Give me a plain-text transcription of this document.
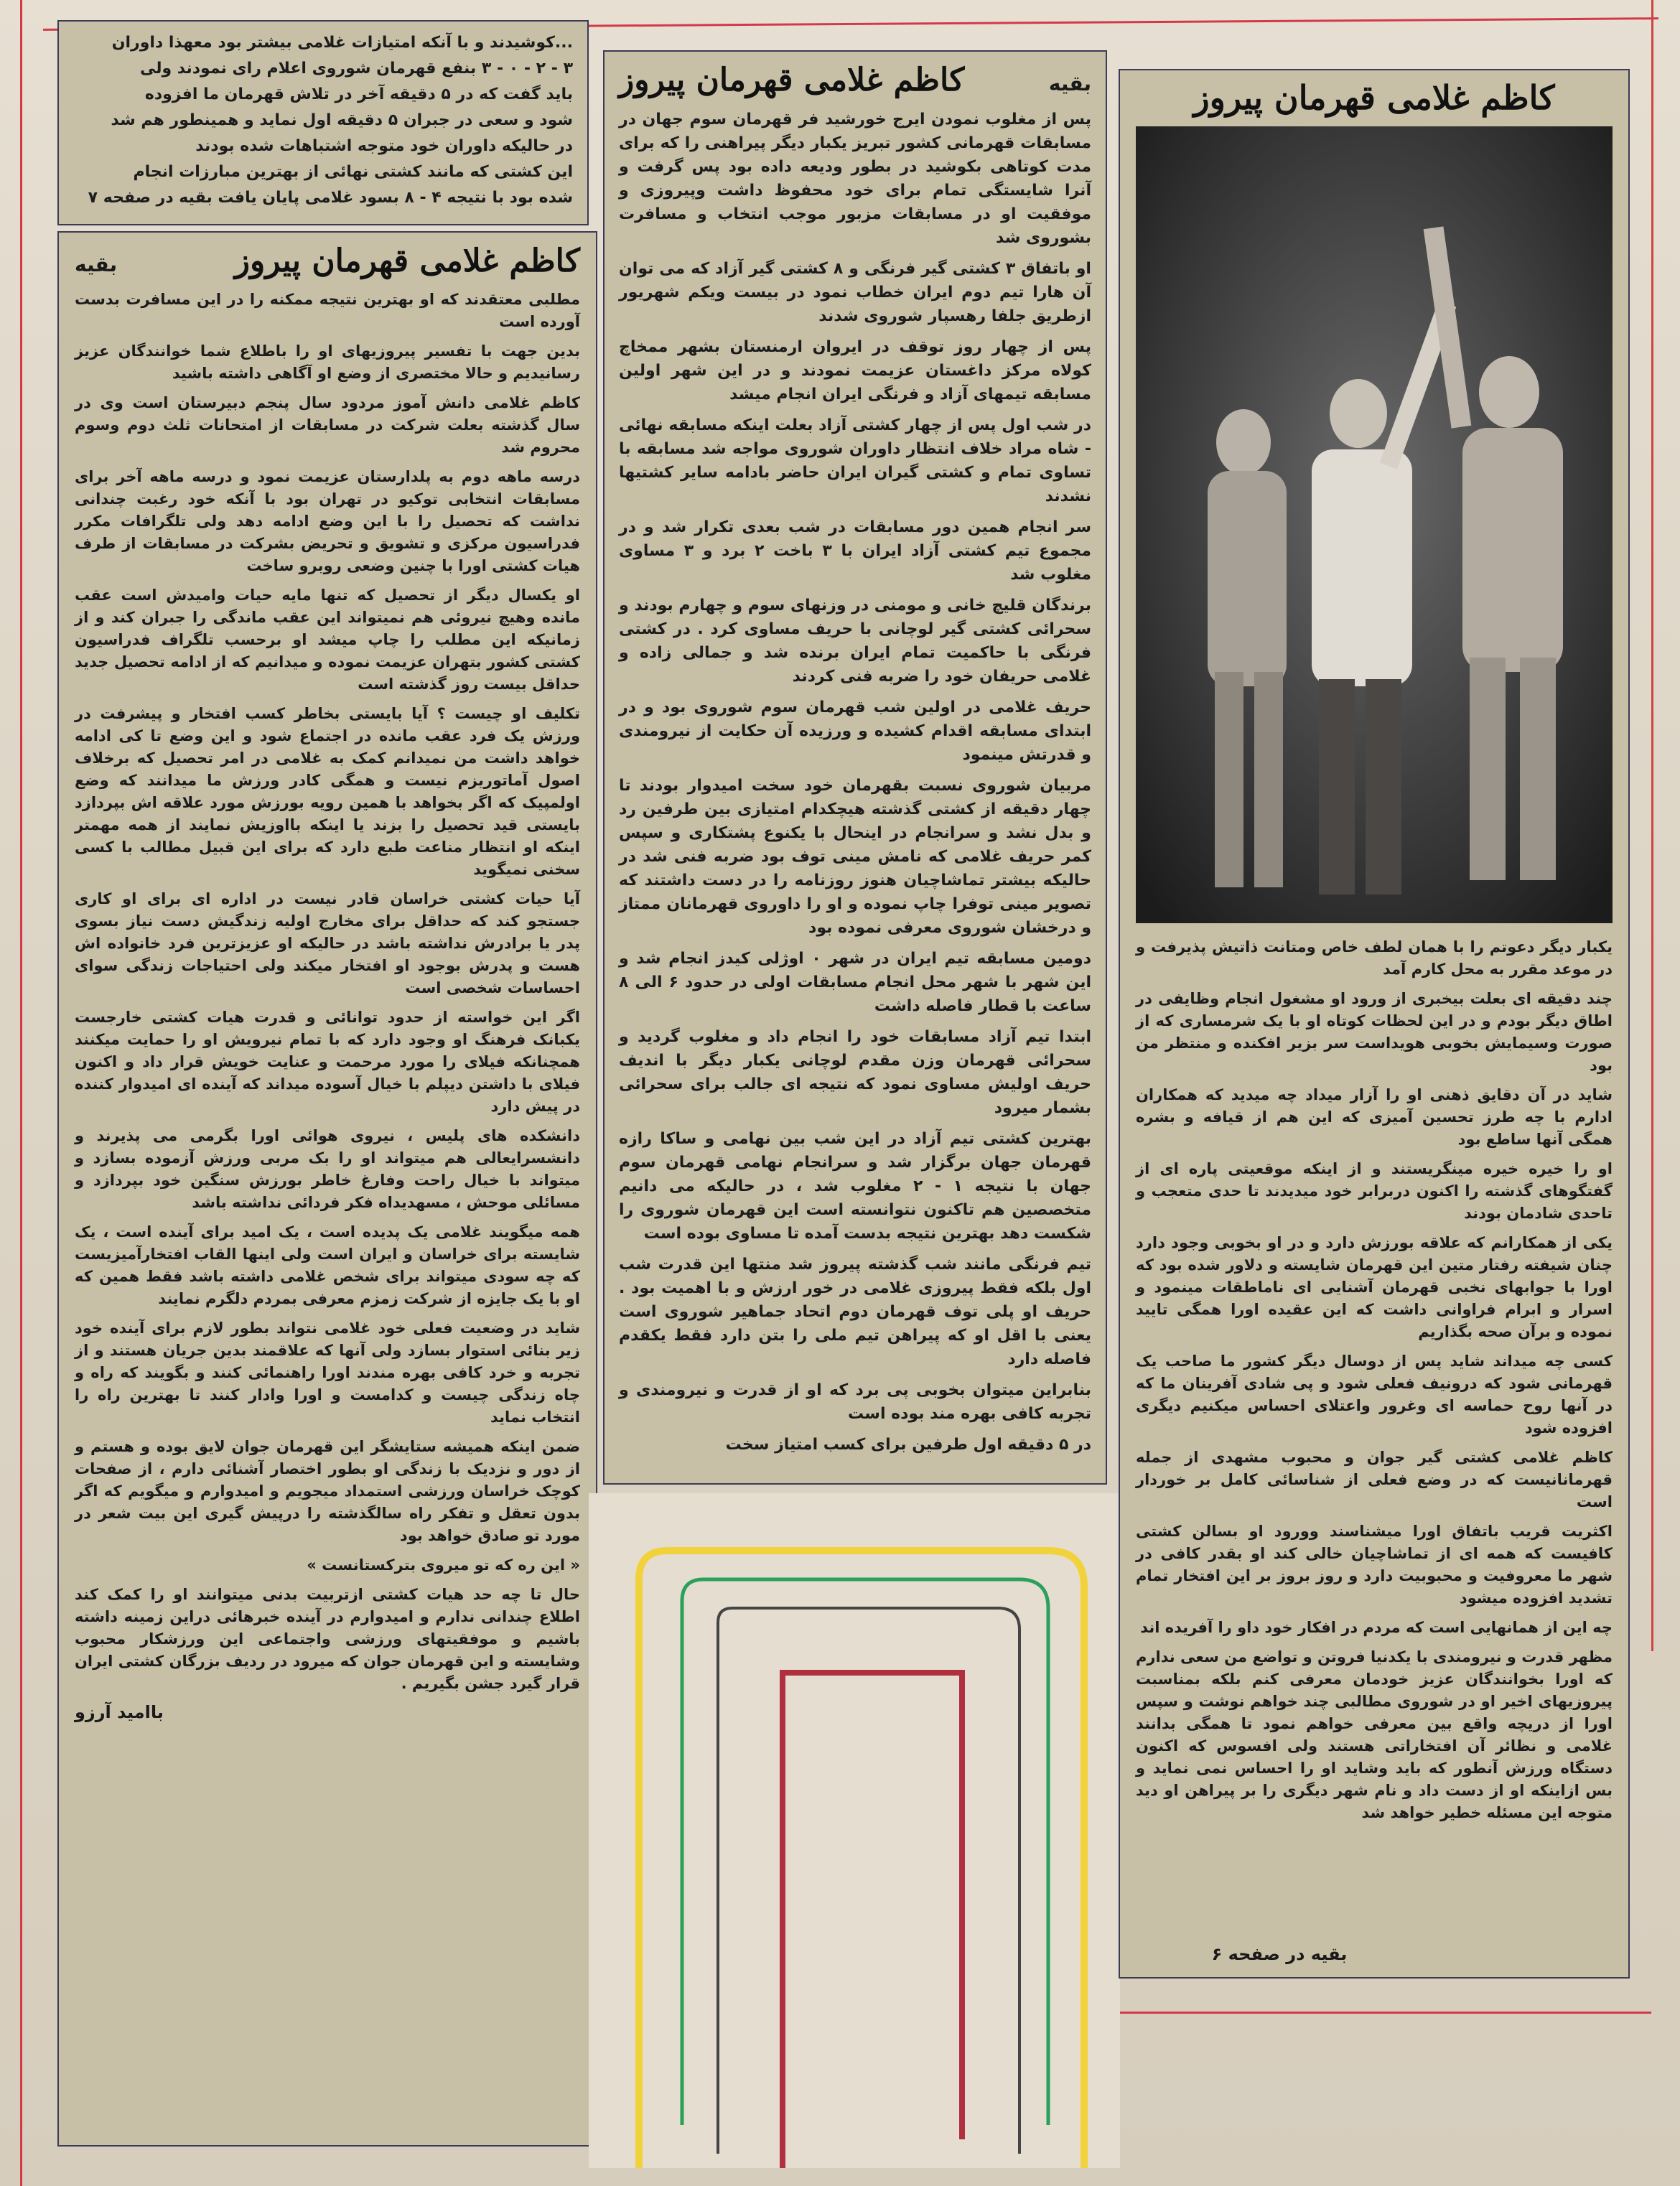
...کوشیدند و با آنکه امتیازات غلامی بیشتر بود معهذا داوران

۳ - ۲ - ۰ - ۳ بنفع قهرمان شوروی اعلام رای نمودند ولی

باید گفت که در ۵ دقیقه آخر در تلاش قهرمان ما افزوده

شود و سعی در جبران ۵ دقیقه اول نماید و همینطور هم شد

در حالیکه داوران خود متوجه اشتباهات شده بودند

این کشتی که مانند کشتی نهائی از بهترین مبارزات انجام

شده بود با نتیجه ۴ - ۸ بسود غلامی پایان یافت بقیه در صفحه ۷

کاظم غلامی قهرمان پیروز
بقیه

مطلبی معتقدند که او بهترین نتیجه ممکنه را در این مسافرت بدست آورده است

بدین جهت با تفسیر پیروزیهای او را باطلاع شما خوانندگان عزیز رسانیدیم و حالا مختصری از وضع او آگاهی داشته باشید

کاظم غلامی دانش آموز مردود سال پنجم دبیرستان است وی در سال گذشته بعلت شرکت در مسابقات از امتحانات ثلث دوم وسوم محروم شد

درسه ماهه دوم به پلدارستان عزیمت نمود و درسه ماهه آخر برای مسابقات انتخابی توکیو در تهران بود با آنکه خود رغبت چندانی نداشت که تحصیل را با این وضع ادامه دهد ولی تلگرافات مکرر فدراسیون مرکزی و تشویق و تحریض بشرکت در مسابقات از طرف هیات کشتی اورا با چنین وضعی روبرو ساخت

او یکسال دیگر از تحصیل که تنها مایه حیات وامیدش است عقب مانده وهیچ نیروئی هم نمیتواند این عقب ماندگی را جبران کند و از زمانیکه این مطلب را چاپ میشد او برحسب تلگراف فدراسیون کشتی کشور بتهران عزیمت نموده و میدانیم که از ادامه تحصیل جدید حداقل بیست روز گذشته است

تکلیف او چیست ؟ آیا بایستی بخاطر کسب افتخار و پیشرفت در ورزش یک فرد عقب مانده در اجتماع شود و این وضع تا کی ادامه خواهد داشت من نمیدانم کمک به غلامی در امر تحصیل که برخلاف اصول آماتوریزم نیست و همگی کادر ورزش ما میدانند که وضع اولمپیک که اگر بخواهد با همین رویه بورزش مورد علاقه اش بپردازد بایستی قید تحصیل را بزند یا اینکه بااوزیش نمایند از همه مهمتر اینکه او انتظار مناعت طبع دارد که برای این قبیل مطالب با کسی سخنی نمیگوید

آیا حیات کشتی خراسان قادر نیست در اداره ای برای او کاری جستجو کند که حداقل برای مخارج اولیه زندگیش دست نیاز بسوی پدر یا برادرش نداشته باشد در حالیکه او عزیزترین فرد خانواده اش هست و پدرش بوجود او افتخار میکند ولی احتیاجات زندگی سوای احساسات شخصی است

اگر این خواسته از حدود توانائی و قدرت هیات کشتی خارجست یکبانک فرهنگ او وجود دارد که با تمام نیرویش او را حمایت میکنند همچنانکه فیلای را مورد مرحمت و عنایت خویش قرار داد و اکنون فیلای با داشتن دیپلم با خیال آسوده میداند که آینده ای امیدوار کننده در پیش دارد

دانشکده های پلیس ، نیروی هوائی اورا بگرمی می پذیرند و دانشسرایعالی هم میتواند او را بک مربی ورزش آزموده بسازد و میتواند با خیال راحت وفارغ خاطر بورزش سنگین خود بپردازد و مسائلی موحش ، مسهدیداه فکر فردائی نداشته باشد

همه میگویند غلامی یک پدیده است ، یک امید برای آینده است ، یک شایسته برای خراسان و ایران است ولی اینها القاب افتخارآمیزیست که چه سودی میتواند برای شخص غلامی داشته باشد فقط همین که او با یک جایزه از شرکت زمزم معرفی بمردم دلگرم نمایند

شاید در وضعیت فعلی خود غلامی نتواند بطور لازم برای آینده خود زیر بنائی استوار بسازد ولی آنها که علاقمند بدین جریان هستند و از تجربه و خرد کافی بهره مندند اورا راهنمائی کنند و بگویند که راه و چاه زندگی چیست و کدامست و اورا وادار کنند تا بهترین راه را انتخاب نماید

ضمن اینکه همیشه ستایشگر این قهرمان جوان لایق بوده و هستم و از دور و نزدیک با زندگی او بطور اختصار آشنائی دارم ، از صفحات کوچک خراسان ورزشی استمداد میجویم و امیدوارم و میگویم که اگر بدون تعقل و تفکر راه سالگذشته را درپیش گیری این بیت شعر در مورد تو صادق خواهد بود

« این ره که تو میروی بترکستانست »

حال تا چه حد هیات کشتی ازتربیت بدنی میتوانند او را کمک کند اطلاع چندانی ندارم و امیدوارم در آینده خبرهائی دراین زمینه داشته باشیم و موفقیتهای ورزشی واجتماعی این ورزشکار محبوب وشایسته و این قهرمان جوان که میرود در ردیف بزرگان کشتی ایران قرار گیرد جشن بگیریم .

باامید آرزو
بقیه
کاظم غلامی قهرمان پیروز

پس از مغلوب نمودن ایرج خورشید فر قهرمان سوم جهان در مسابقات قهرمانی کشور تبریز یکبار دیگر پیراهنی را که برای مدت کوتاهی بکوشید در بطور ودیعه داده بود پس گرفت و آنرا شایستگی تمام برای خود محفوظ داشت وپیروزی و موفقیت او در مسابقات مزبور موجب انتخاب و مسافرت بشوروی شد

او باتفاق ۳ کشتی گیر فرنگی و ۸ کشتی گیر آزاد که می توان آن هارا تیم دوم ایران خطاب نمود در بیست ویکم شهریور ازطریق جلفا رهسپار شوروی شدند

پس از چهار روز توقف در ایروان ارمنستان بشهر ممخاچ کولاه مرکز داغستان عزیمت نمودند و در این شهر اولین مسابقه تیمهای آزاد و فرنگی ایران انجام میشد

در شب اول پس از چهار کشتی آزاد بعلت اینکه مسابقه نهائی - شاه مراد خلاف انتظار داوران شوروی مواجه شد مسابقه با تساوی تمام و کشتی گیران ایران حاضر بادامه سایر کشتیها نشدند

سر انجام همین دور مسابقات در شب بعدی تکرار شد و در مجموع تیم کشتی آزاد ایران با ۳ باخت ۲ برد و ۳ مساوی مغلوب شد

برندگان قلیچ خانی و مومنی در وزنهای سوم و چهارم بودند و سحرائی کشتی گیر لوچانی با حریف مساوی کرد . در کشتی فرنگی با حاکمیت تمام ایران برنده شد و جمالی زاده و غلامی حریفان خود را ضربه فنی کردند

حریف غلامی در اولین شب قهرمان سوم شوروی بود و در ابتدای مسابقه اقدام کشیده و ورزیده آن حکایت از نیرومندی و قدرتش مینمود

مربیان شوروی نسبت بقهرمان خود سخت امیدوار بودند تا چهار دقیقه از کشتی گذشته هیچکدام امتیازی بین طرفین رد و بدل نشد و سرانجام در اینحال با یکنوع پشتکاری و سپس کمر حریف غلامی که نامش مینی توف بود ضربه فنی شد در حالیکه بیشتر تماشاچیان هنوز روزنامه را در دست داشتند که تصویر مینی توفرا چاپ نموده و او را داوروی قهرمانان ممتاز و درخشان شوروی معرفی نموده بود

دومین مسابقه تیم ایران در شهر ۰ اوژلی کیدز انجام شد و این شهر با شهر محل انجام مسابقات اولی در حدود ۶ الی ۸ ساعت با قطار فاصله داشت

ابتدا تیم آزاد مسابقات خود را انجام داد و مغلوب گردید و سحرائی قهرمان وزن مقدم لوچانی یکبار دیگر با اندیف حریف اولیش مساوی نمود که نتیجه ای جالب برای سحرائی بشمار میرود

بهترین کشتی تیم آزاد در این شب بین نهامی و ساکا رازه قهرمان جهان برگزار شد و سرانجام نهامی قهرمان سوم جهان با نتیجه ۱ - ۲ مغلوب شد ، در حالیکه می دانیم متخصصین هم تاکنون نتوانسته است این قهرمان شوروی را شکست دهد بهترین نتیجه بدست آمده تا مساوی بوده است

تیم فرنگی مانند شب گذشته پیروز شد منتها این قدرت شب اول بلکه فقط پیروزی غلامی در خور ارزش و با اهمیت بود . حریف او پلی توف قهرمان دوم اتحاد جماهیر شوروی است یعنی با اقل او که پیراهن تیم ملی را بتن دارد فقط یکقدم فاصله دارد

بنابراین میتوان بخوبی پی برد که او از قدرت و نیرومندی و تجربه کافی بهره مند بوده است

در ۵ دقیقه اول طرفین برای کسب امتیاز سخت

کاظم غلامی قهرمان پیروز

یکبار دیگر دعوتم را با همان لطف خاص ومتانت ذاتیش پذیرفت و در موعد مقرر به محل کارم آمد

چند دقیقه ای بعلت بیخبری از ورود او مشغول انجام وظایفی در اطاق دیگر بودم و در این لحظات کوتاه او با یک شرمساری که از صورت وسیمایش بخوبی هویداست سر بزیر افکنده و منتظر من بود

شاید در آن دقایق ذهنی او را آزار میداد چه میدید که همکاران ادارم با چه طرز تحسین آمیزی که این هم از قیافه و بشره همگی آنها ساطع بود

او را خیره خیره مینگریستند و از اینکه موقعیتی پاره ای از گفتگوهای گذشته را اکنون دربرابر خود میدیدند تا حدی متعجب و تاحدی شادمان بودند

یکی از همکارانم که علاقه بورزش دارد و در او بخوبی وجود دارد چنان شیفته رفتار متین این قهرمان شایسته و دلاور شده بود که اورا با جوابهای نخبی قهرمان آشنایی ای ناماطقات مینمود و اسرار و ابرام فراوانی داشت که این عقیده اورا همگی تایید نموده و برآن صحه بگذاریم

کسی چه میداند شاید پس از دوسال دیگر کشور ما صاحب یک قهرمانی شود که درونیف فعلی شود و پی شادی آفرینان ما که در آنها روح حماسه ای وغرور واعتلای احساس میکنیم دیگری افزوده شود

کاظم غلامی کشتی گیر جوان و محبوب مشهدی از جمله قهرمانانیست که در وضع فعلی از شناسائی کامل بر خوردار است

اکثریت قریب باتفاق اورا میشناسند وورود او بسالن کشتی کافیست که همه ای از تماشاچیان خالی کند او بقدر کافی در شهر ما معروفیت و محبوبیت دارد و روز بروز بر این افتخار تمام تشدید افزوده میشود

چه این از همانهایی است که مردم در افکار خود داو را آفریده اند

مظهر قدرت و نیرومندی با یکدنیا فروتن و تواضع من سعی ندارم که اورا بخوانندگان عزیز خودمان معرفی کنم بلکه بمناسبت پیروزیهای اخیر او در شوروی مطالبی چند خواهم نوشت و سپس اورا از دریچه واقع بین معرفی خواهم نمود تا همگی بدانند غلامی و نظائر آن افتخاراتی هستند ولی افسوس که اکنون دستگاه ورزش آنطور که باید وشاید او را احساس نمی نماید و بس ازاینکه او از دست داد و نام شهر دیگری را بر پیراهن او دید متوجه این مسئله خطیر خواهد شد

بقیه در صفحه ۶
